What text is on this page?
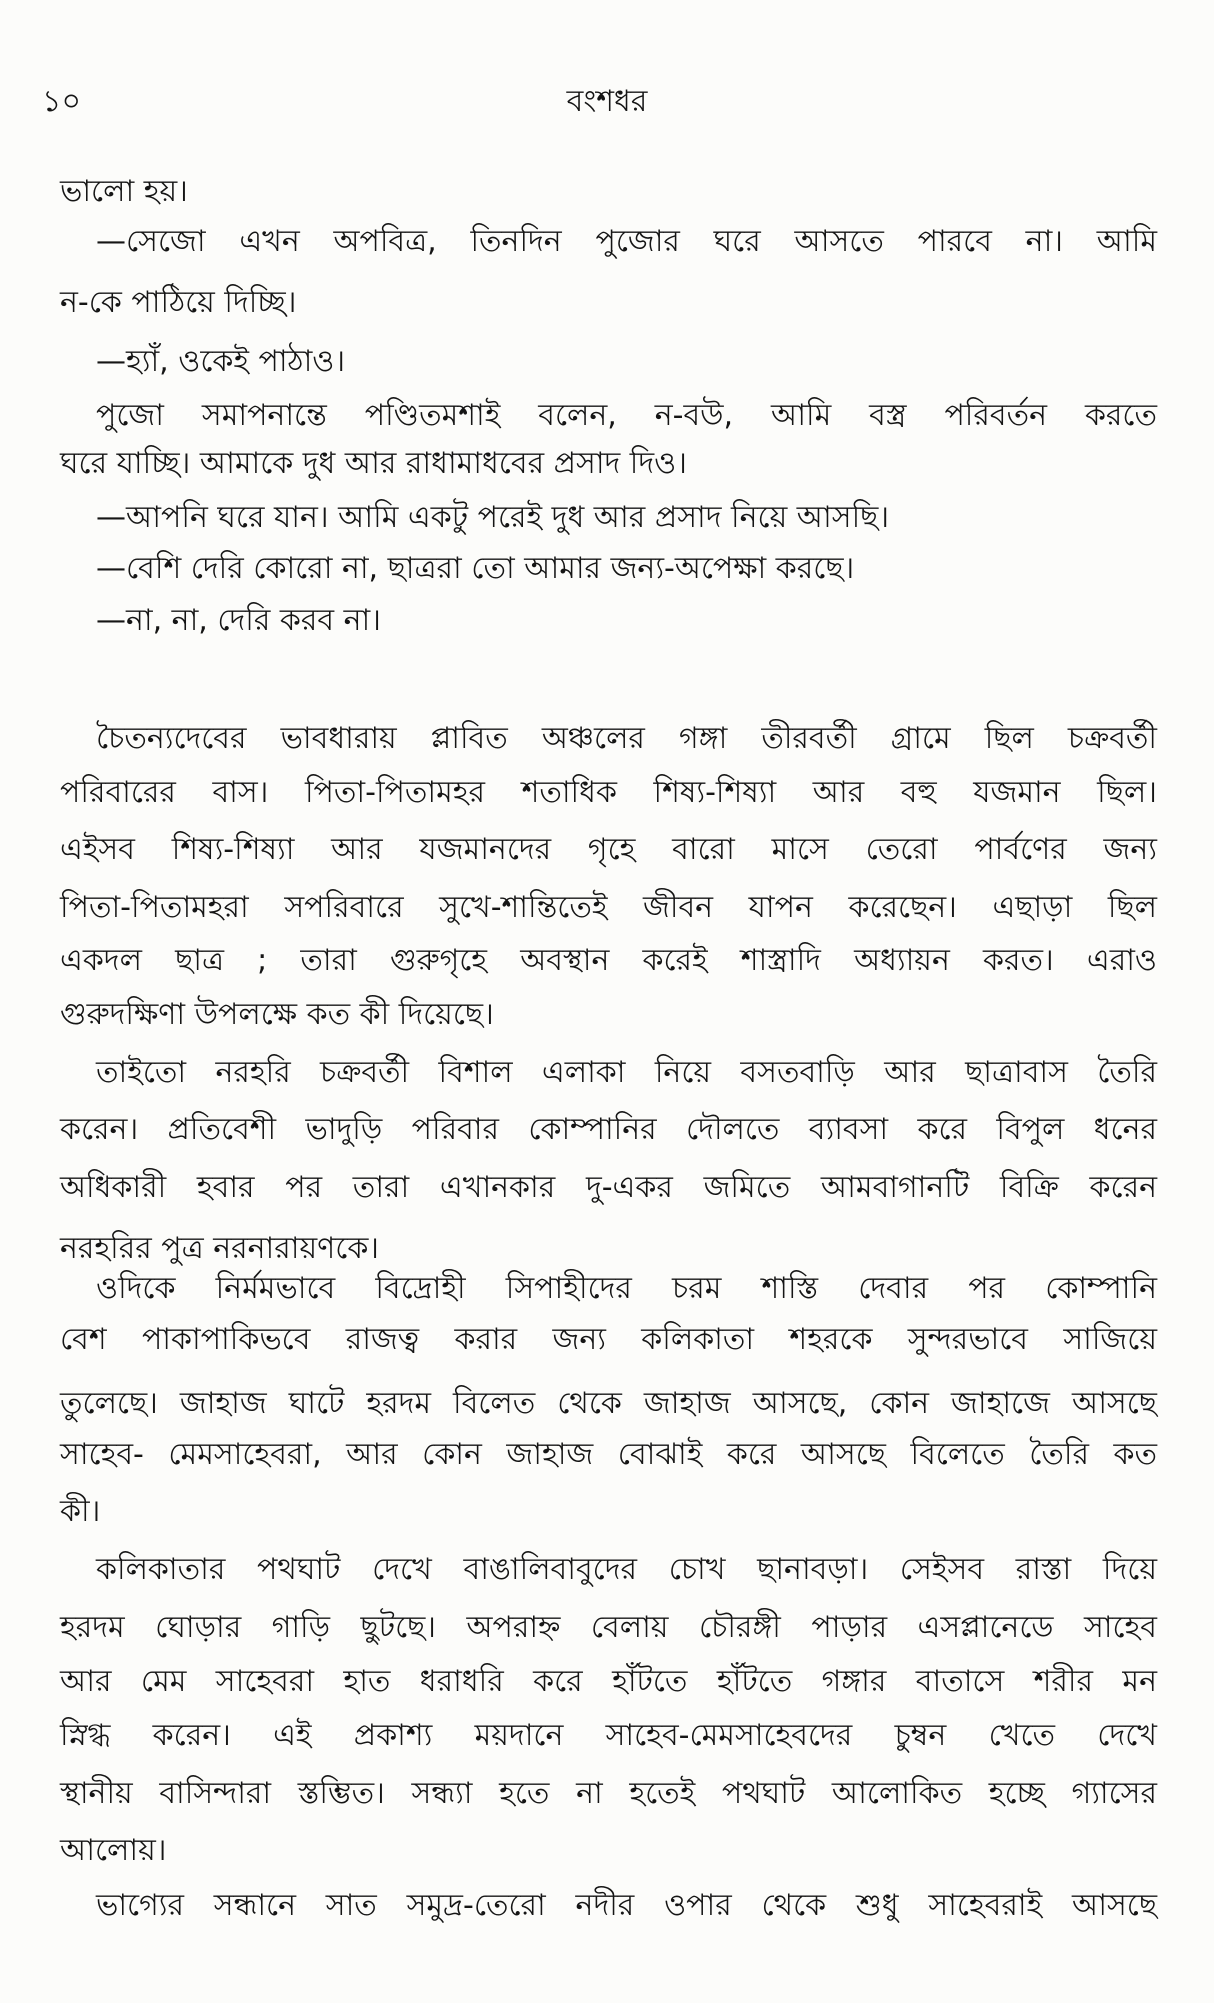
১০	বংশধর
ভালো হয়।
—সেজো এখন অপবিত্র, তিনদিন পুজোর ঘরে আসতে পারবে না। আমি
ন-কে পাঠিয়ে দিচ্ছি।
—হ্যাঁ, ওকেই পাঠাও।
পুজো সমাপনান্তে পণ্ডিতমশাই বলেন, ন-বউ, আমি বস্ত্র পরিবর্তন করতে
ঘরে যাচ্ছি। আমাকে দুধ আর রাধামাধবের প্রসাদ দিও।
—আপনি ঘরে যান। আমি একটু পরেই দুধ আর প্রসাদ নিয়ে আসছি।
—বেশি দেরি কোরো না, ছাত্ররা তো আমার জন্য-অপেক্ষা করছে।
—না, না, দেরি করব না।
চৈতন্যদেবের ভাবধারায় প্লাবিত অঞ্চলের গঙ্গা তীরবর্তী গ্রামে ছিল চক্রবর্তী
পরিবারের বাস। পিতা-পিতামহর শতাধিক শিষ্য-শিষ্যা আর বহু যজমান ছিল।
এইসব শিষ্য-শিষ্যা আর যজমানদের গৃহে বারো মাসে তেরো পার্বণের জন্য
পিতা-পিতামহরা সপরিবারে সুখে-শান্তিতেই জীবন যাপন করেছেন। এছাড়া ছিল
একদল ছাত্র ; তারা গুরুগৃহে অবস্থান করেই শাস্ত্রাদি অধ্যায়ন করত। এরাও
গুরুদক্ষিণা উপলক্ষে কত কী দিয়েছে।
তাইতো নরহরি চক্রবর্তী বিশাল এলাকা নিয়ে বসতবাড়ি আর ছাত্রাবাস তৈরি
করেন। প্রতিবেশী ভাদুড়ি পরিবার কোম্পানির দৌলতে ব্যাবসা করে বিপুল ধনের
অধিকারী হবার পর তারা এখানকার দু-একর জমিতে আমবাগানটি বিক্রি করেন
নরহরির পুত্র নরনারায়ণকে।
ওদিকে নির্মমভাবে বিদ্রোহী সিপাহীদের চরম শাস্তি দেবার পর কোম্পানি
বেশ পাকাপাকিভবে রাজত্ব করার জন্য কলিকাতা শহরকে সুন্দরভাবে সাজিয়ে
তুলেছে। জাহাজ ঘাটে হরদম বিলেত থেকে জাহাজ আসছে, কোন জাহাজে আসছে
সাহেব- মেমসাহেবরা, আর কোন জাহাজ বোঝাই করে আসছে বিলেতে তৈরি কত
কী।
কলিকাতার পথঘাট দেখে বাঙালিবাবুদের চোখ ছানাবড়া। সেইসব রাস্তা দিয়ে
হরদম ঘোড়ার গাড়ি ছুটছে। অপরাহ্ন বেলায় চৌরঙ্গী পাড়ার এসপ্লানেডে সাহেব
আর মেম সাহেবরা হাত ধরাধরি করে হাঁটতে হাঁটতে গঙ্গার বাতাসে শরীর মন
স্নিগ্ধ করেন। এই প্রকাশ্য ময়দানে সাহেব-মেমসাহেবদের চুম্বন খেতে দেখে
স্থানীয় বাসিন্দারা স্তম্ভিত। সন্ধ্যা হতে না হতেই পথঘাট আলোকিত হচ্ছে গ্যাসের
আলোয়।
ভাগ্যের সন্ধানে সাত সমুদ্র-তেরো নদীর ওপার থেকে শুধু সাহেবরাই আসছে
